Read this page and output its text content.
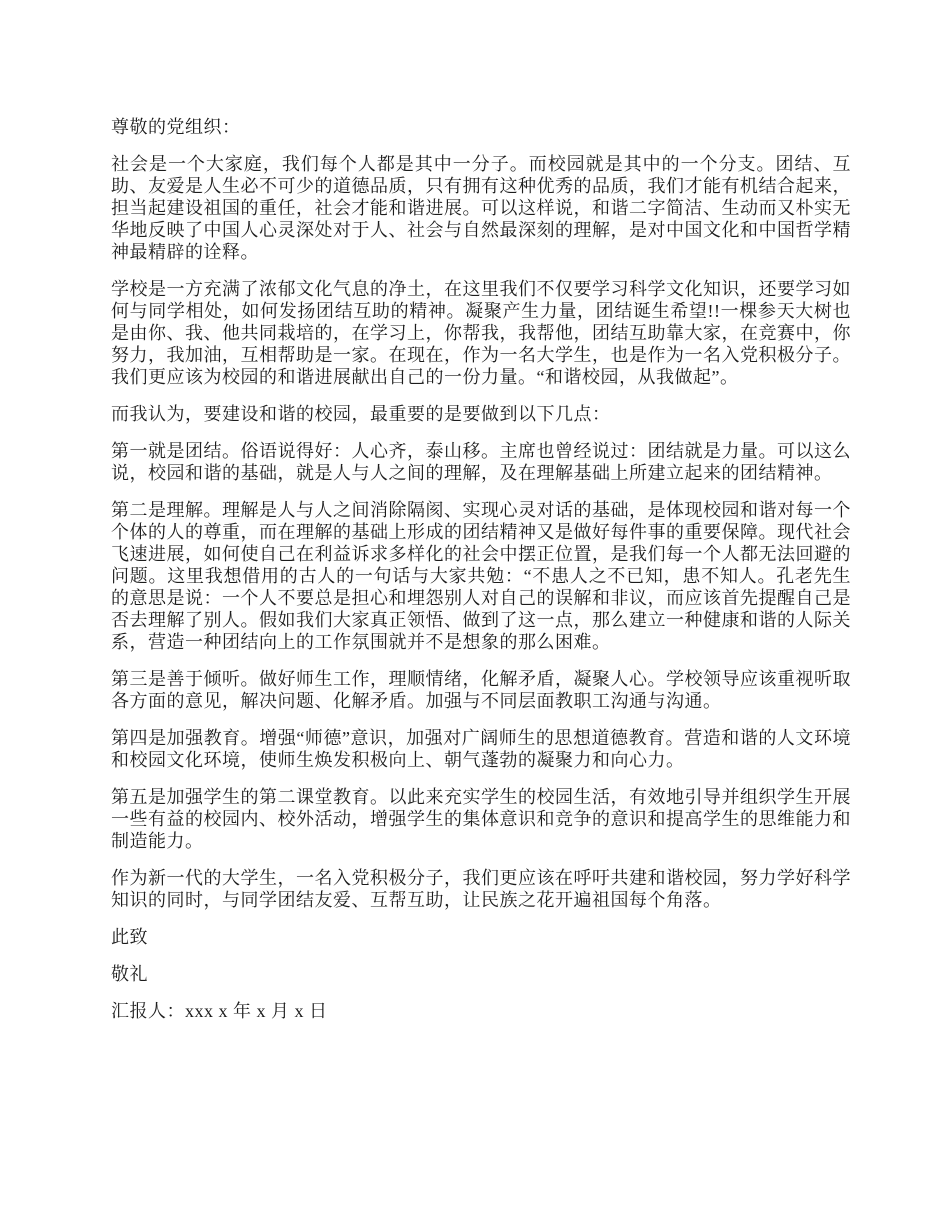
尊敬的党组织：

社会是一个大家庭，我们每个人都是其中一分子。而校园就是其中的一个分支。团结、互助、友爱是人生必不可少的道德品质，只有拥有这种优秀的品质，我们才能有机结合起来，担当起建设祖国的重任，社会才能和谐进展。可以这样说，和谐二字简洁、生动而又朴实无华地反映了中国人心灵深处对于人、社会与自然最深刻的理解，是对中国文化和中国哲学精神最精辟的诠释。

学校是一方充满了浓郁文化气息的净土，在这里我们不仅要学习科学文化知识，还要学习如何与同学相处，如何发扬团结互助的精神。凝聚产生力量，团结诞生希望!!一棵参天大树也是由你、我、他共同栽培的，在学习上，你帮我，我帮他，团结互助靠大家，在竞赛中，你努力，我加油，互相帮助是一家。在现在，作为一名大学生，也是作为一名入党积极分子。我们更应该为校园的和谐进展献出自己的一份力量。“和谐校园，从我做起”。

而我认为，要建设和谐的校园，最重要的是要做到以下几点：

第一就是团结。俗语说得好：人心齐，泰山移。主席也曾经说过：团结就是力量。可以这么说，校园和谐的基础，就是人与人之间的理解，及在理解基础上所建立起来的团结精神。

第二是理解。理解是人与人之间消除隔阂、实现心灵对话的基础，是体现校园和谐对每一个个体的人的尊重，而在理解的基础上形成的团结精神又是做好每件事的重要保障。现代社会飞速进展，如何使自己在利益诉求多样化的社会中摆正位置，是我们每一个人都无法回避的问题。这里我想借用的古人的一句话与大家共勉：“不患人之不已知，患不知人。孔老先生的意思是说：一个人不要总是担心和埋怨别人对自己的误解和非议，而应该首先提醒自己是否去理解了别人。假如我们大家真正领悟、做到了这一点，那么建立一种健康和谐的人际关系，营造一种团结向上的工作氛围就并不是想象的那么困难。

第三是善于倾听。做好师生工作，理顺情绪，化解矛盾，凝聚人心。学校领导应该重视听取各方面的意见，解决问题、化解矛盾。加强与不同层面教职工沟通与沟通。

第四是加强教育。增强“师德”意识，加强对广阔师生的思想道德教育。营造和谐的人文环境和校园文化环境，使师生焕发积极向上、朝气蓬勃的凝聚力和向心力。

第五是加强学生的第二课堂教育。以此来充实学生的校园生活，有效地引导并组织学生开展一些有益的校园内、校外活动，增强学生的集体意识和竞争的意识和提高学生的思维能力和制造能力。

作为新一代的大学生，一名入党积极分子，我们更应该在呼吁共建和谐校园，努力学好科学知识的同时，与同学团结友爱、互帮互助，让民族之花开遍祖国每个角落。

此致

敬礼

汇报人：xxx x 年 x 月 x 日
